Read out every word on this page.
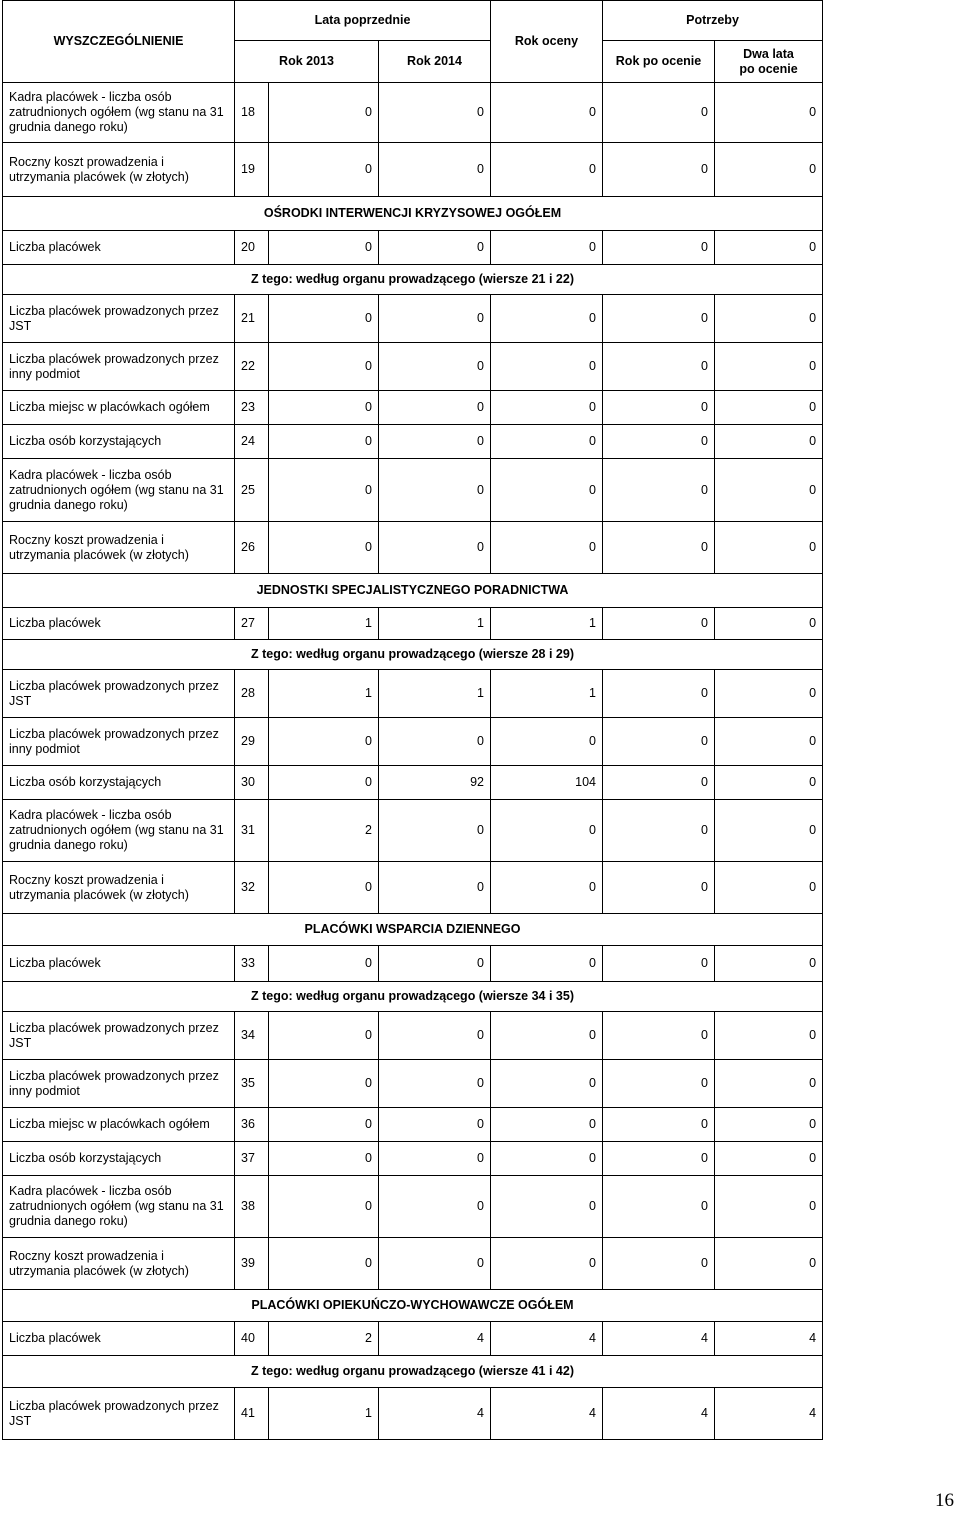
WYSZCZEGÓLNIENIE	Lata poprzednie			Rok oceny	Potrzeby	
	Rok 2013		Rok 2014		Rok po ocenie	Dwa lata
po ocenie
Kadra placówek - liczba osób zatrudnionych ogółem (wg stanu na 31 grudnia danego roku)	18	0	0	0	0	0
Roczny koszt prowadzenia i utrzymania placówek (w złotych)	19	0	0	0	0	0
OŚRODKI INTERWENCJI KRYZYSOWEJ OGÓŁEM						
Liczba placówek	20	0	0	0	0	0
Z tego: według organu prowadzącego (wiersze 21 i 22)						
Liczba placówek prowadzonych przez JST	21	0	0	0	0	0
Liczba placówek prowadzonych przez inny podmiot	22	0	0	0	0	0
Liczba miejsc w placówkach ogółem	23	0	0	0	0	0
Liczba osób korzystających	24	0	0	0	0	0
Kadra placówek - liczba osób zatrudnionych ogółem (wg stanu na 31 grudnia danego roku)	25	0	0	0	0	0
Roczny koszt prowadzenia i utrzymania placówek (w złotych)	26	0	0	0	0	0
JEDNOSTKI SPECJALISTYCZNEGO PORADNICTWA						
Liczba placówek	27	1	1	1	0	0
Z tego: według organu prowadzącego (wiersze 28 i 29)						
Liczba placówek prowadzonych przez JST	28	1	1	1	0	0
Liczba placówek prowadzonych przez inny podmiot	29	0	0	0	0	0
Liczba osób korzystających	30	0	92	104	0	0
Kadra placówek - liczba osób zatrudnionych ogółem (wg stanu na 31 grudnia danego roku)	31	2	0	0	0	0
Roczny koszt prowadzenia i utrzymania placówek (w złotych)	32	0	0	0	0	0
PLACÓWKI WSPARCIA DZIENNEGO						
Liczba placówek	33	0	0	0	0	0
Z tego: według organu prowadzącego (wiersze 34 i 35)						
Liczba placówek prowadzonych przez JST	34	0	0	0	0	0
Liczba placówek prowadzonych przez inny podmiot	35	0	0	0	0	0
Liczba miejsc w placówkach ogółem	36	0	0	0	0	0
Liczba osób korzystających	37	0	0	0	0	0
Kadra placówek - liczba osób zatrudnionych ogółem (wg stanu na 31 grudnia danego roku)	38	0	0	0	0	0
Roczny koszt prowadzenia i utrzymania placówek (w złotych)	39	0	0	0	0	0
PLACÓWKI OPIEKUŃCZO-WYCHOWAWCZE OGÓŁEM						
Liczba placówek	40	2	4	4	4	4
Z tego: według organu prowadzącego (wiersze 41 i 42)						
Liczba placówek prowadzonych przez JST	41	1	4	4	4	4
16
